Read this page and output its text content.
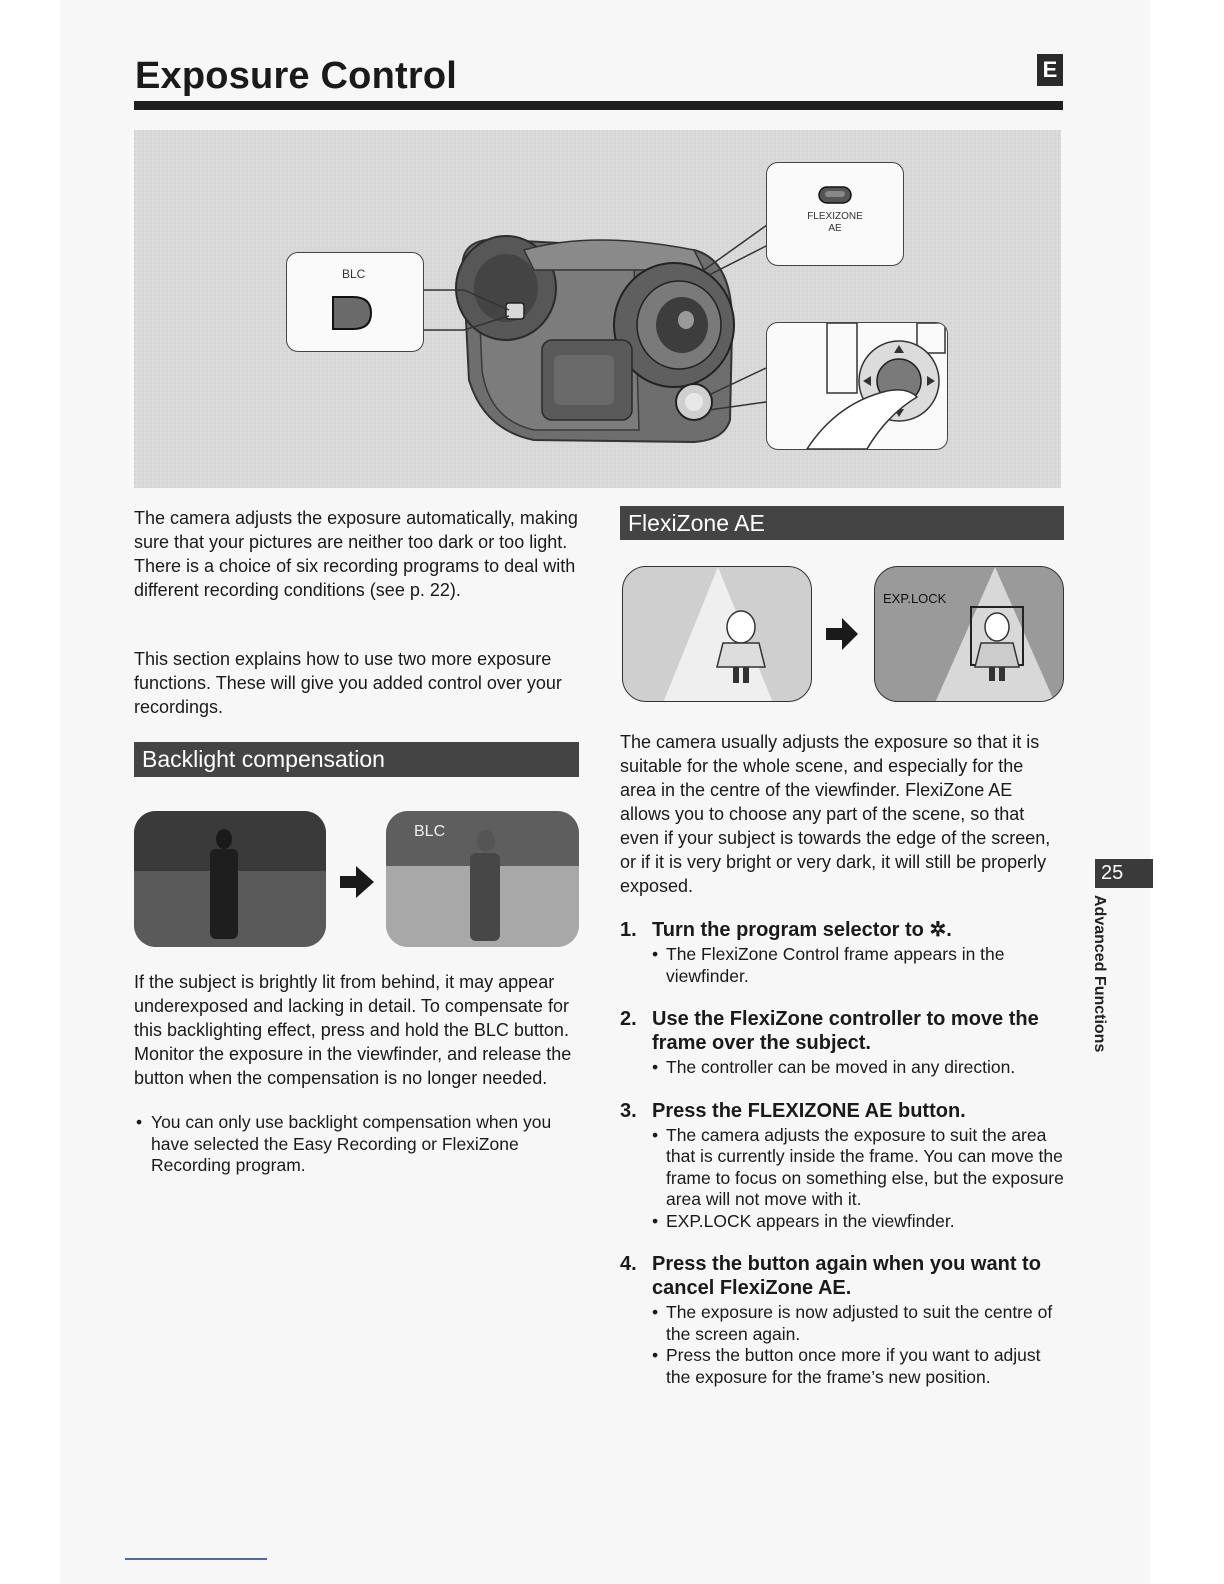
Exposure Control	E
BLC
FLEXIZONE
AE
The camera adjusts the exposure automatically, making sure that your pictures are neither too dark or too light. There is a choice of six recording programs to deal with different recording conditions (see p. 22).
This section explains how to use two more exposure functions. These will give you added control over your recordings.
Backlight compensation
BLC
If the subject is brightly lit from behind, it may appear underexposed and lacking in detail. To compensate for this backlighting effect, press and hold the BLC button. Monitor the exposure in the viewfinder, and release the button when the compensation is no longer needed.
• You can only use backlight compensation when you have selected the Easy Recording or FlexiZone Recording program.
FlexiZone AE
EXP.LOCK
The camera usually adjusts the exposure so that it is suitable for the whole scene, and especially for the area in the centre of the viewfinder. FlexiZone AE allows you to choose any part of the scene, so that even if your subject is towards the edge of the screen, or if it is very bright or very dark, it will still be properly exposed.
1. Turn the program selector to ✲.
• The FlexiZone Control frame appears in the viewfinder.
2. Use the FlexiZone controller to move the frame over the subject.
• The controller can be moved in any direction.
3. Press the FLEXIZONE AE button.
• The camera adjusts the exposure to suit the area that is currently inside the frame. You can move the frame to focus on something else, but the exposure area will not move with it.
• EXP.LOCK appears in the viewfinder.
4. Press the button again when you want to cancel FlexiZone AE.
• The exposure is now adjusted to suit the centre of the screen again.
• Press the button once more if you want to adjust the exposure for the frame’s new position.
25
Advanced Functions
